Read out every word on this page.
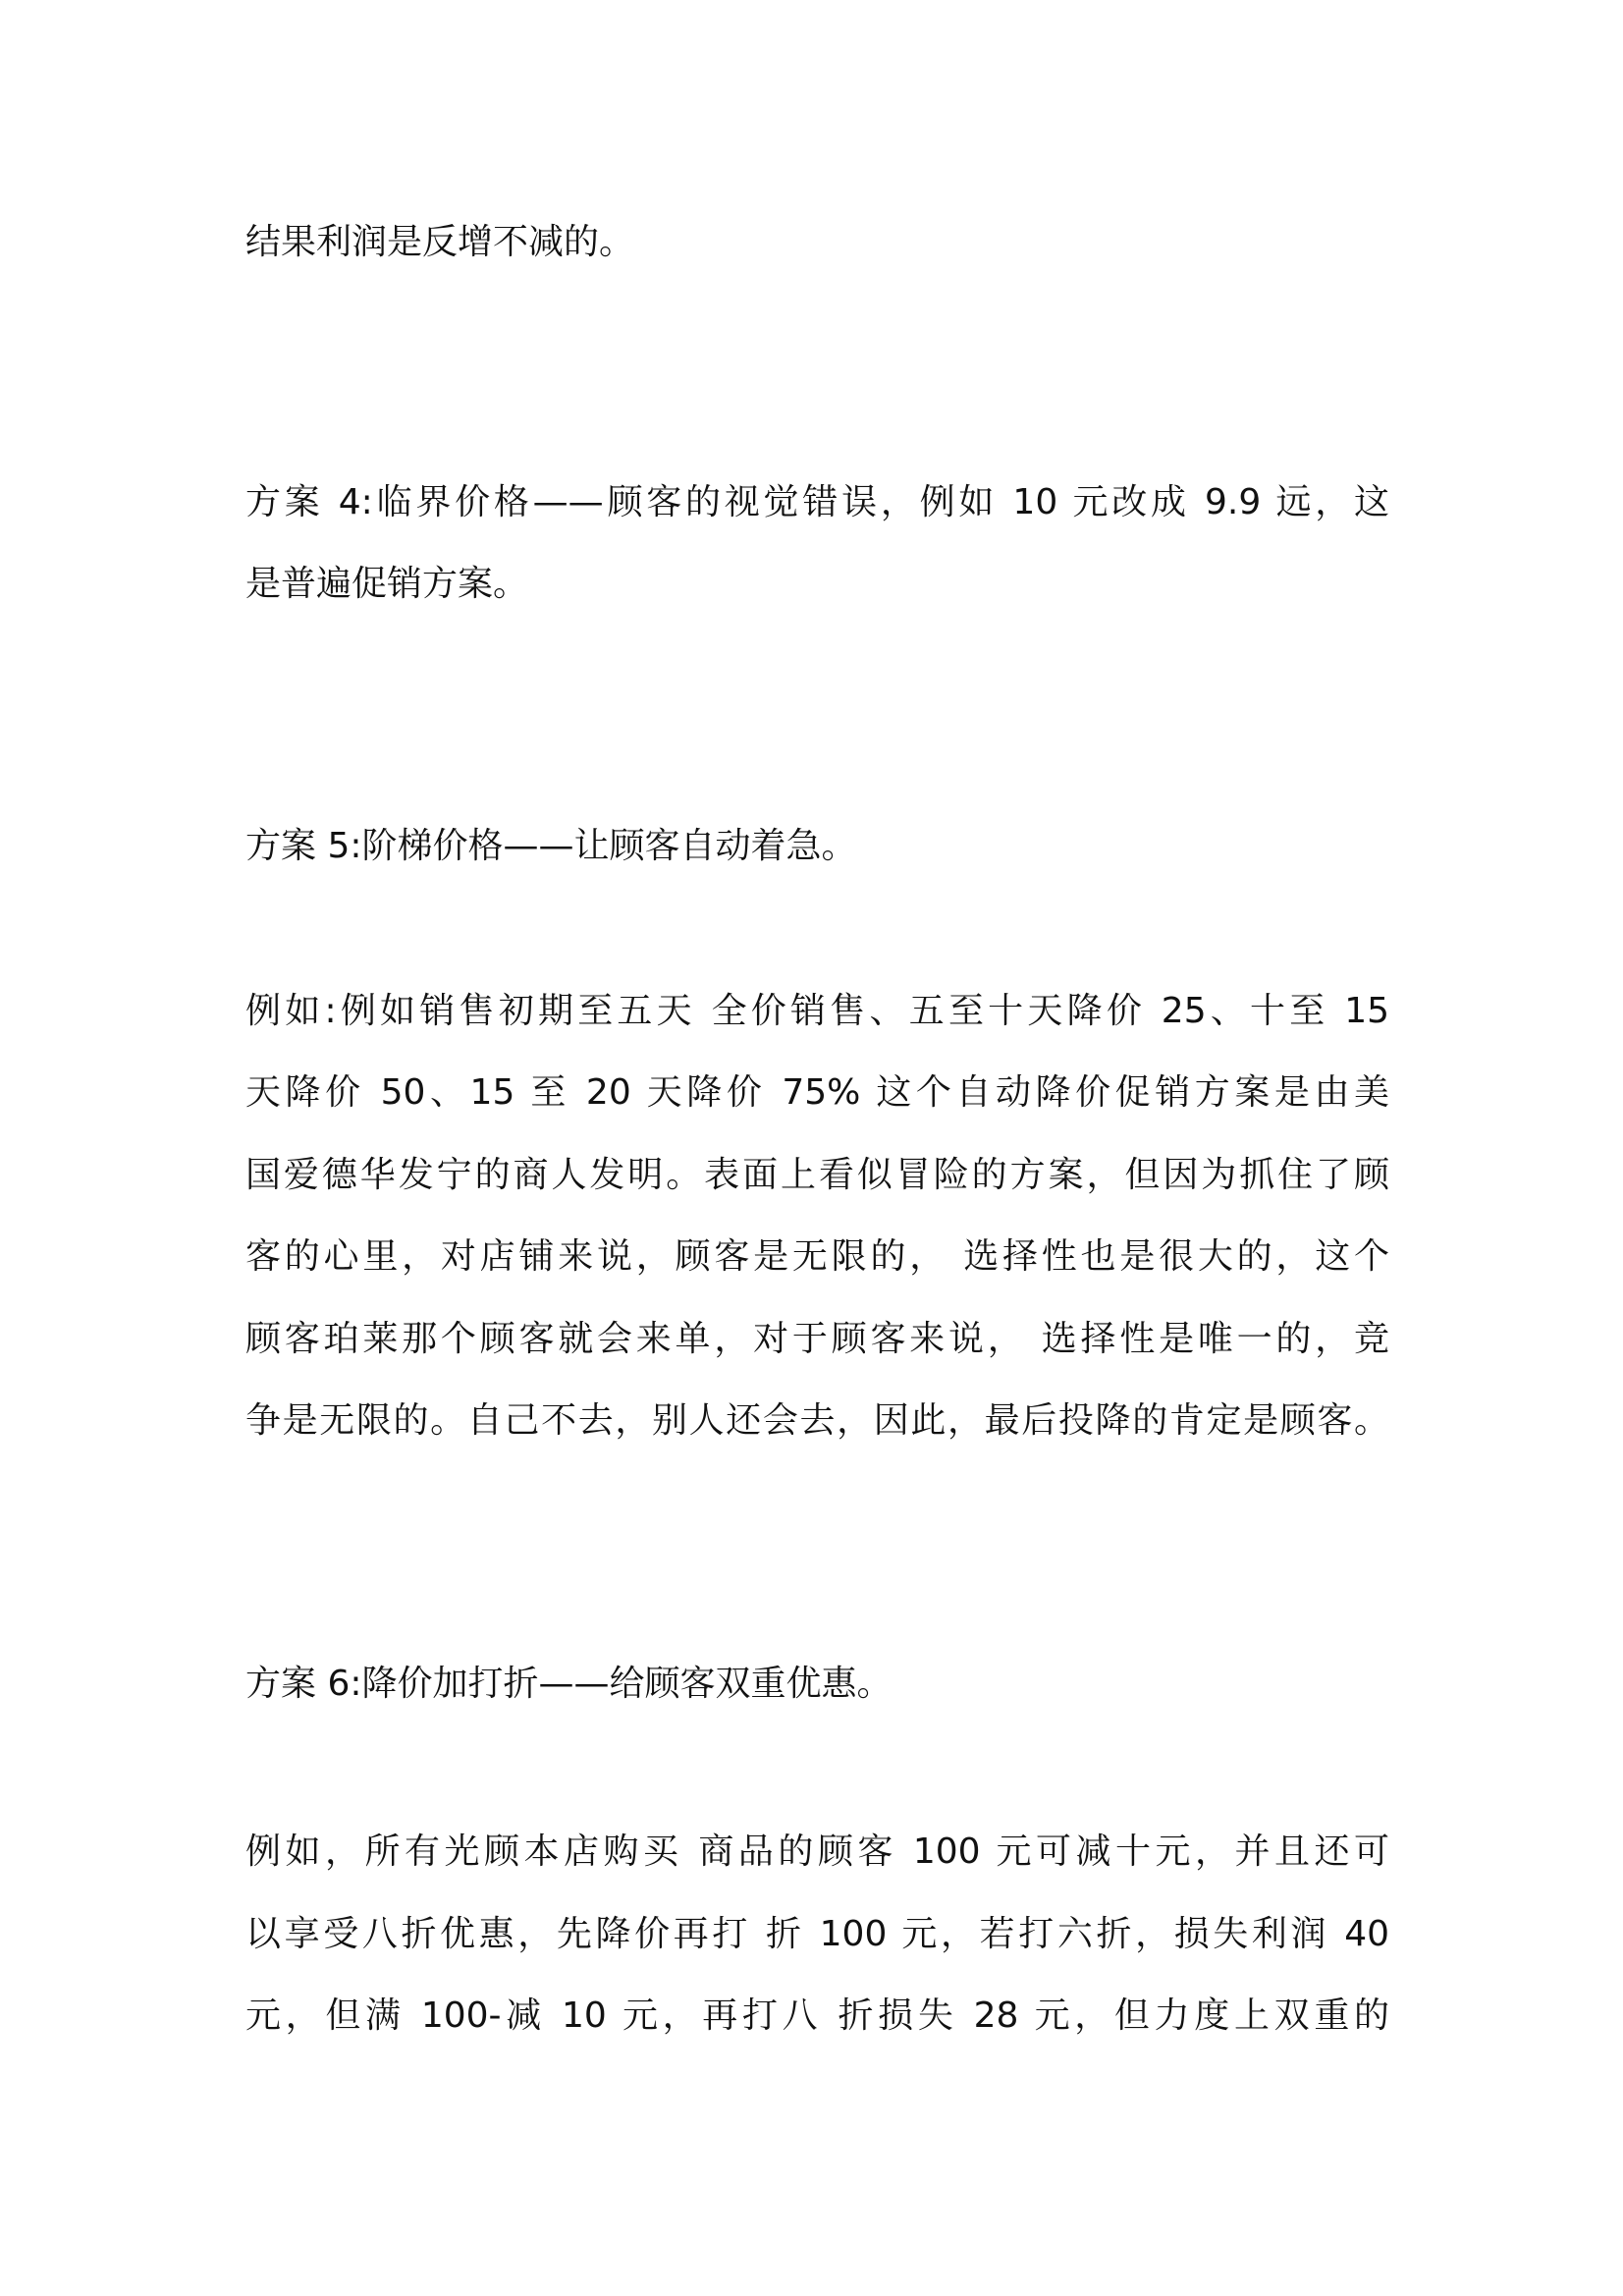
结果利润是反增不减的。
方案 4:临界价格——顾客的视觉错误，例如 10 元改成 9.9 远，这
是普遍促销方案。
方案 5:阶梯价格——让顾客自动着急。
例如:例如销售初期至五天 全价销售、五至十天降价 25、十至 15
天降价 50、15 至 20 天降价 75% 这个自动降价促销方案是由美
国爱德华发宁的商人发明。表面上看似冒险的方案，但因为抓住了顾
客的心里，对店铺来说，顾客是无限的， 选择性也是很大的，这个
顾客珀莱那个顾客就会来单，对于顾客来说， 选择性是唯一的，竞
争是无限的。自己不去，别人还会去，因此，最后投降的肯定是顾客。
方案 6:降价加打折——给顾客双重优惠。
例如，所有光顾本店购买 商品的顾客 100 元可减十元，并且还可
以享受八折优惠，先降价再打 折 100 元，若打六折，损失利润 40
元，但满 100-减 10 元，再打八 折损失 28 元，但力度上双重的
